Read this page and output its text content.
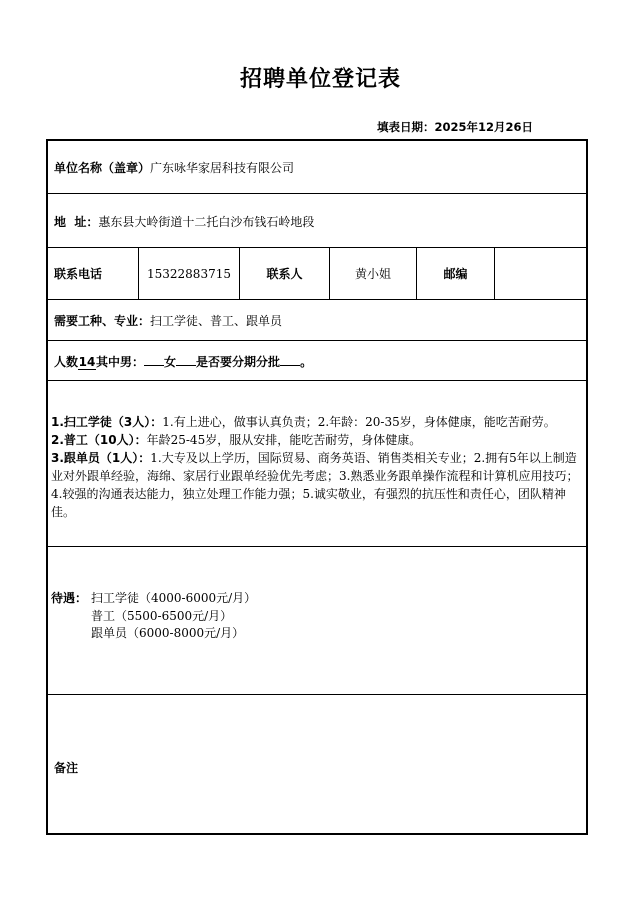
招聘单位登记表
填表日期：2025年12月26日
单位名称（盖章）广东咏华家居科技有限公司
地  址：惠东县大岭街道十二托白沙布钱石岭地段
联系电话	15322883715	联系人	黄小姐	邮编
需要工种、专业：扫工学徒、普工、跟单员
人数14其中男： 女 是否要分期分批 。

1.扫工学徒（3人）：1.有上进心，做事认真负责；2.年龄：20-35岁，身体健康，能吃苦耐劳。

2.普工（10人）：年龄25-45岁，服从安排，能吃苦耐劳，身体健康。

3.跟单员（1人）：1.大专及以上学历，国际贸易、商务英语、销售类相关专业；2.拥有5年以上制造业对外跟单经验，海绵、家居行业跟单经验优先考虑；3.熟悉业务跟单操作流程和计算机应用技巧；4.较强的沟通表达能力，独立处理工作能力强；5.诚实敬业，有强烈的抗压性和责任心，团队精神佳。

待遇： 扫工学徒（4000-6000元/月）
普工（5500-6500元/月）
跟单员（6000-8000元/月）
备注
